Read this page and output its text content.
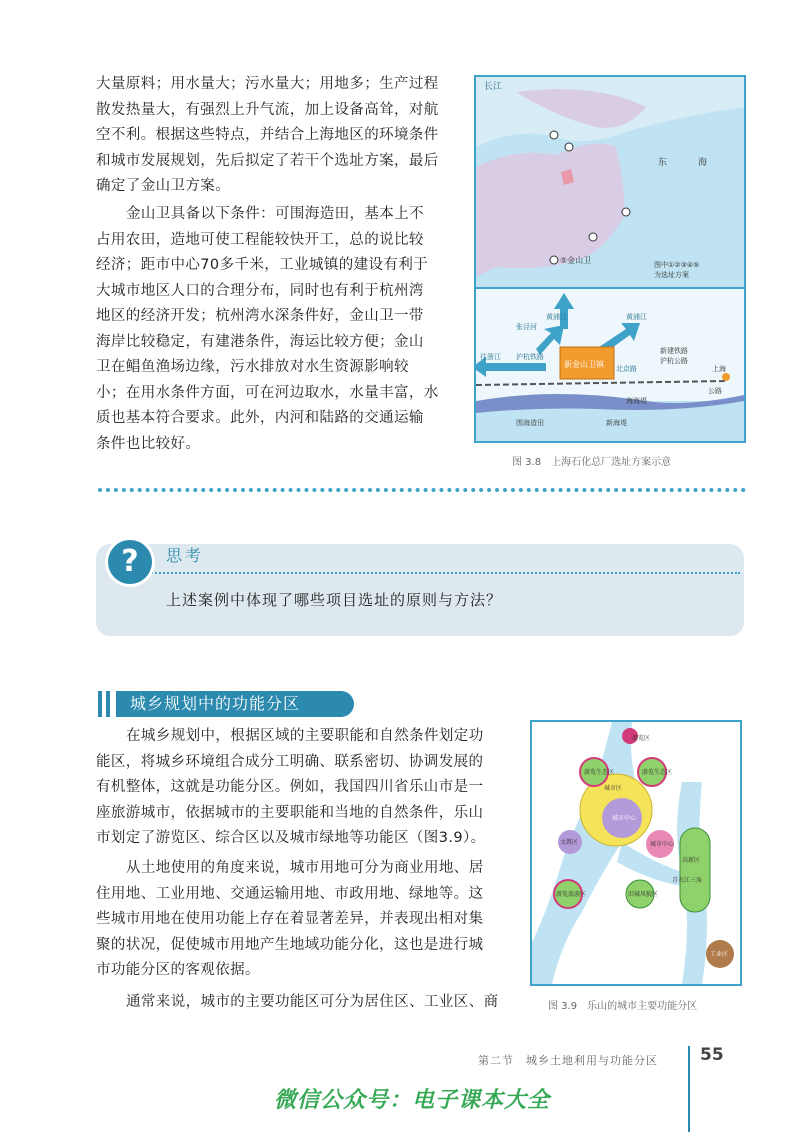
大量原料；用水量大；污水量大；用地多；生产过程
散发热量大，有强烈上升气流，加上设备高耸，对航
空不利。根据这些特点，并结合上海地区的环境条件
和城市发展规划，先后拟定了若干个选址方案，最后
确定了金山卫方案。
金山卫具备以下条件：可围海造田，基本上不
占用农田，造地可使工程能较快开工，总的说比较
经济；距市中心70多千米，工业城镇的建设有利于
大城市地区人口的合理分布，同时也有利于杭州湾
地区的经济开发；杭州湾水深条件好，金山卫一带
海岸比较稳定，有建港条件，海运比较方便；金山
卫在鲳鱼渔场边缘，污水排放对水生资源影响较
小；在用水条件方面，可在河边取水，水量丰富，水
质也基本符合要求。此外，内河和陆路的交通运输
条件也比较好。
长江
东	海
⑤金山卫	图中①②③④⑤
为选址方案
新金山卫镇
黄浦江	黄浦江
张泾河
往浙江 沪杭铁路
北京路
新建铁路
沪杭公路
上海
公路
海海堤
围海造田	新海堤
图 3.8　上海石化总厂选址方案示意
?	思考
上述案例中体现了哪些项目选址的原则与方法？
城乡规划中的功能分区
在城乡规划中，根据区域的主要职能和自然条件划定功
能区，将城乡环境组合成分工明确、联系密切、协调发展的
有机整体，这就是功能分区。例如，我国四川省乐山市是一
座旅游城市，依据城市的主要职能和当地的自然条件，乐山
市划定了游览区、综合区以及城市绿地等功能区（图3.9）。
从土地使用的角度来说，城市用地可分为商业用地、居
住用地、工业用地、交通运输用地、市政用地、绿地等。这
些城市用地在使用功能上存在着显著差异，并表现出相对集
聚的状况，促使城市用地产生地域功能分化，这也是进行城
市功能分区的客观依据。
通常来说，城市的主要功能区可分为居住区、工业区、商
游览区
游览生态区	游览生态区
城市区
城市中心
文教区	城市中心
高新区
游览旅游区	旧城风貌区
青衣江三角
工业区
图 3.9　乐山的城市主要功能分区
第二节　城乡土地利用与功能分区 55
微信公众号：电子课本大全
